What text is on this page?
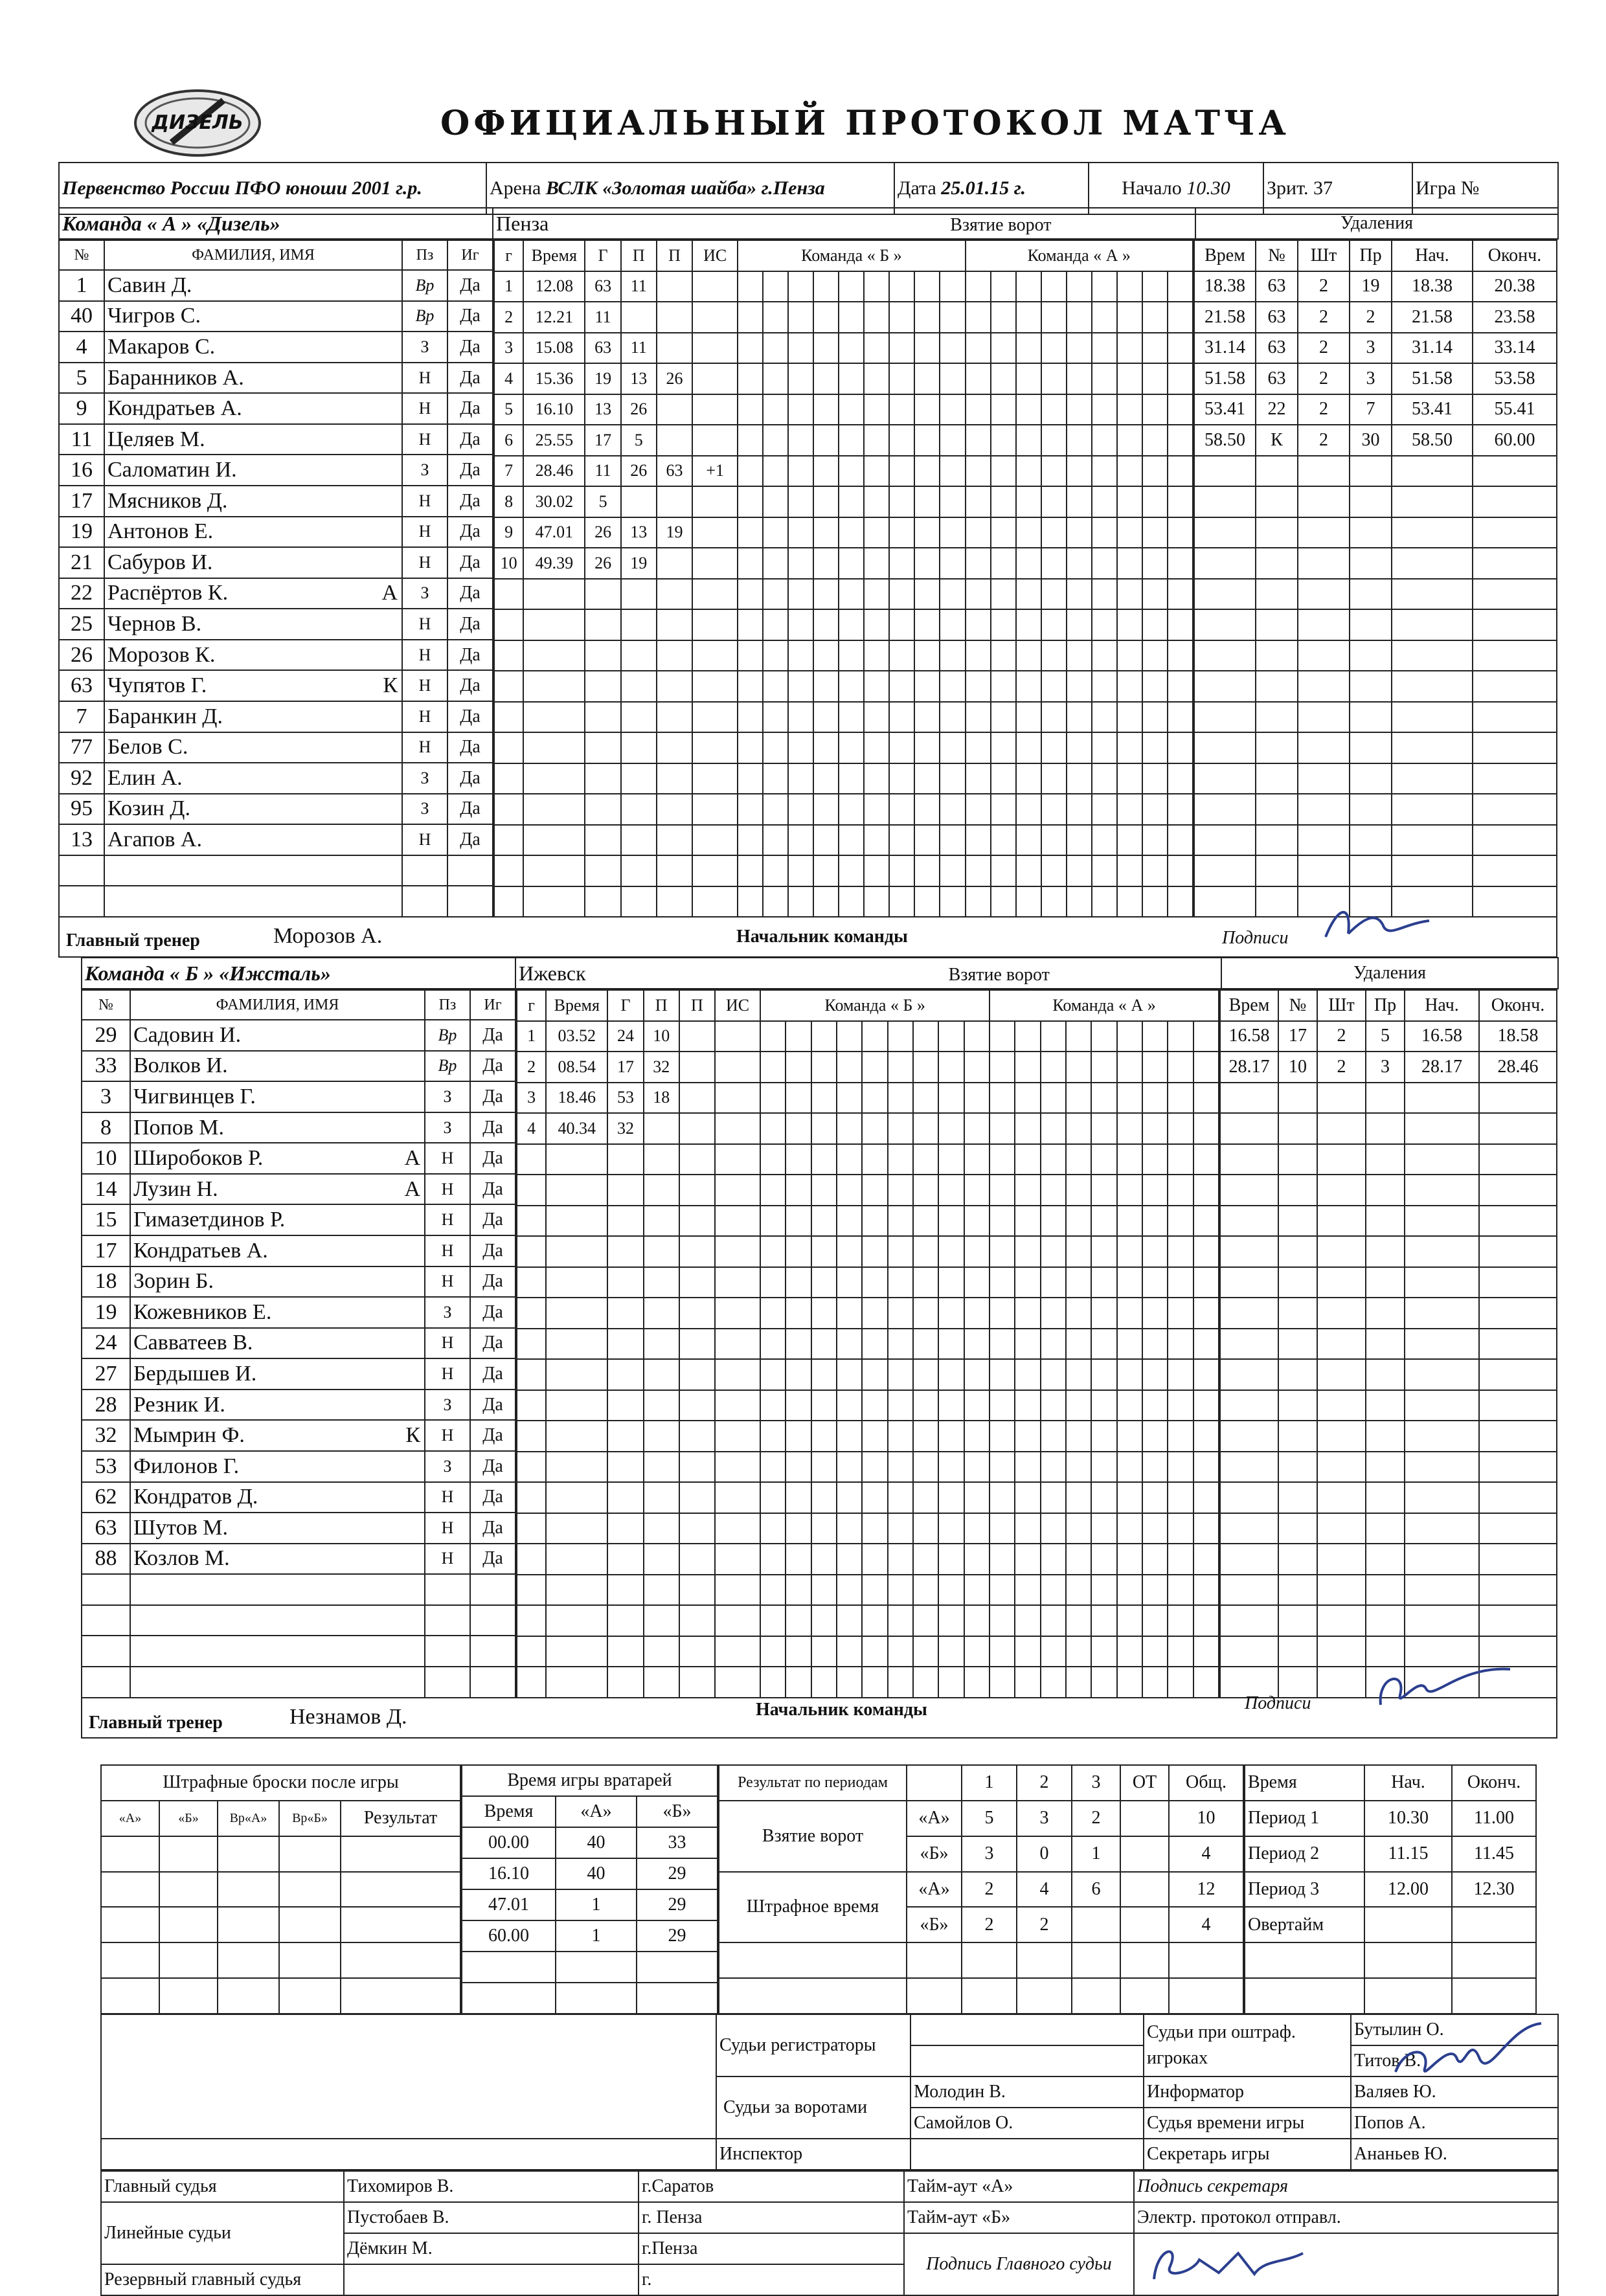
ДИЗЕЛЬ	ОФИЦИАЛЬНЫЙ ПРОТОКОЛ МАТЧА
Первенство России ПФО юноши 2001 г.р.	Арена ВСЛК «Золотая шайба» г.Пенза	Дата 25.01.15 г.	Начало 10.30	Зрит. 37	Игра №
Команда « А » «Дизель»	Пенза	Взятие ворот	Удаления
№	ФАМИЛИЯ, ИМЯ	Пз	Иг
1	Савин Д.	Вр	Да
40	Чигров С.	Вр	Да
4	Макаров С.	З	Да
5	Баранников А.	Н	Да
9	Кондратьев А.	Н	Да
11	Целяев М.	Н	Да
16	Саломатин И.	З	Да
17	Мясников Д.	Н	Да
19	Антонов Е.	Н	Да
21	Сабуров И.	Н	Да
22	Распёртов К. А	З	Да
25	Чернов В.	Н	Да
26	Морозов К.	Н	Да
63	Чупятов Г. К	Н	Да
7	Баранкин Д.	Н	Да
77	Белов С.	Н	Да
92	Елин А.	З	Да
95	Козин Д.	З	Да
13	Агапов А.	Н	Да

г	Время	Г	П	П	ИС	Команда « Б »									Команда « А »								
1	12.08	63	11																				
2	12.21	11																					
3	15.08	63	11																				
4	15.36	19	13	26																			
5	16.10	13	26																				
6	25.55	17	5																				
7	28.46	11	26	63	+1																		
8	30.02	5																					
9	47.01	26	13	19																			
10	49.39	26	19																				

Врем	№	Шт	Пр	Нач.	Оконч.
18.38	63	2	19	18.38	20.38
21.58	63	2	2	21.58	23.58
31.14	63	2	3	31.14	33.14
51.58	63	2	3	51.58	53.58
53.41	22	2	7	53.41	55.41
58.50	К	2	30	58.50	60.00

Главный тренер	Морозов А.	Начальник команды	Подписи
Команда « Б » «Ижсталь»	Ижевск	Взятие ворот	Удаления
№	ФАМИЛИЯ, ИМЯ	Пз	Иг
29	Садовин И.	Вр	Да
33	Волков И.	Вр	Да
3	Чигвинцев Г.	З	Да
8	Попов М.	З	Да
10	Широбоков Р. А	Н	Да
14	Лузин Н. А	Н	Да
15	Гимазетдинов Р.	Н	Да
17	Кондратьев А.	Н	Да
18	Зорин Б.	Н	Да
19	Кожевников Е.	З	Да
24	Савватеев В.	Н	Да
27	Бердышев И.	Н	Да
28	Резник И.	З	Да
32	Мымрин Ф. К	Н	Да
53	Филонов Г.	З	Да
62	Кондратов Д.	Н	Да
63	Шутов М.	Н	Да
88	Козлов М.	Н	Да

г	Время	Г	П	П	ИС	Команда « Б »									Команда « А »								
1	03.52	24	10																				
2	08.54	17	32																				
3	18.46	53	18																				
4	40.34	32																					

Врем	№	Шт	Пр	Нач.	Оконч.
16.58	17	2	5	16.58	18.58
28.17	10	2	3	28.17	28.46

Главный тренер	Незнамов Д.	Начальник команды	Подписи
Штрафные броски после игры				
«А»	«Б»	Вр«А»	Вр«Б»	Результат

Время игры вратарей		
Время	«А»	«Б»
00.00	40	33
16.10	40	29
47.01	1	29
60.00	1	29

Результат по периодам		1	2	3	ОТ	Общ.
Взятие ворот	«А»	5	3	2		10
	«Б»	3	0	1		4
Штрафное время	«А»	2	4	6		12
	«Б»	2	2			4

Время	Нач.	Оконч.
Период 1	10.30	11.00
Период 2	11.15	11.45
Период 3	12.00	12.30
Овертайм		

	Судьи регистраторы		Судьи при оштраф. игроках	Бутылин О.
				Титов В.
	Судьи за воротами	Молодин В.	Информатор	Валяев Ю.
		Самойлов О.	Судья времени игры	Попов А.
	Инспектор		Секретарь игры	Ананьев Ю.
Главный судья	Тихомиров В.	г.Саратов	Тайм-аут «А»	Подпись секретаря
Линейные судьи	Пустобаев В.	г. Пенза	Тайм-аут «Б»	Электр. протокол отправл.
	Дёмкин М.	г.Пенза	Подпись Главного судьи	

Резервный главный судья		г.		
